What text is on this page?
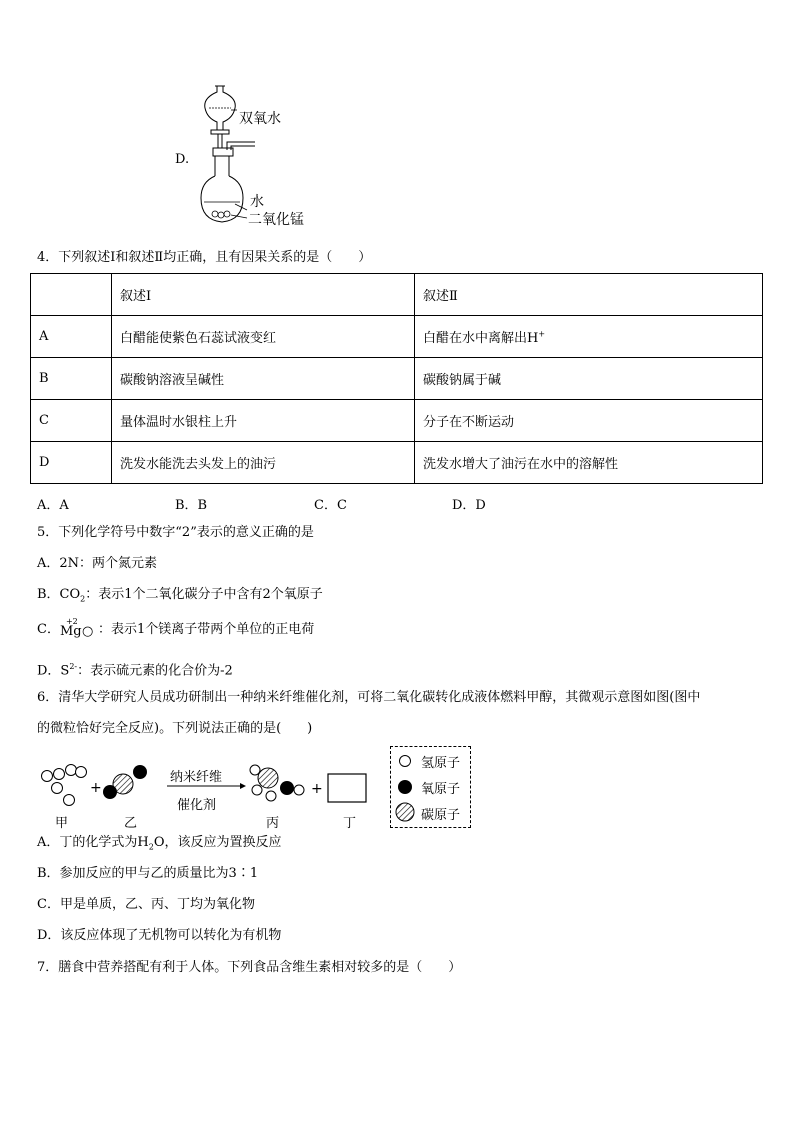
D.
双氧水
水
二氧化锰
4．下列叙述Ⅰ和叙述Ⅱ均正确，且有因果关系的是（　　）
	叙述Ⅰ	叙述Ⅱ
A	白醋能使紫色石蕊试液变红	白醋在水中离解出H+
B	碳酸钠溶液呈碱性	碳酸钠属于碱
C	量体温时水银柱上升	分子在不断运动
D	洗发水能洗去头发上的油污	洗发水增大了油污在水中的溶解性
A．A	B．B	C．C	D．D
5．下列化学符号中数字“2”表示的意义正确的是
A．2N：两个氮元素
B．$CO_2$：表示1个二氧化碳分子中含有2个氧原子
C．
+2
Mg ○ ：表示1个镁离子带两个单位的正电荷
D．$S^{2-}$：表示硫元素的化合价为-2
6．清华大学研究人员成功研制出一种纳米纤维催化剂，可将二氧化碳转化成液体燃料甲醇，其微观示意图如图(图中
的微粒恰好完全反应)。下列说法正确的是(　　)
+	+
纳米纤维
催化剂
甲	乙	丙	丁
氢原子
氧原子
碳原子
A．丁的化学式为$H_2O$，该反应为置换反应
B．参加反应的甲与乙的质量比为3∶1
C．甲是单质，乙、丙、丁均为氧化物
D．该反应体现了无机物可以转化为有机物
7．膳食中营养搭配有利于人体。下列食品含维生素相对较多的是（　　）
